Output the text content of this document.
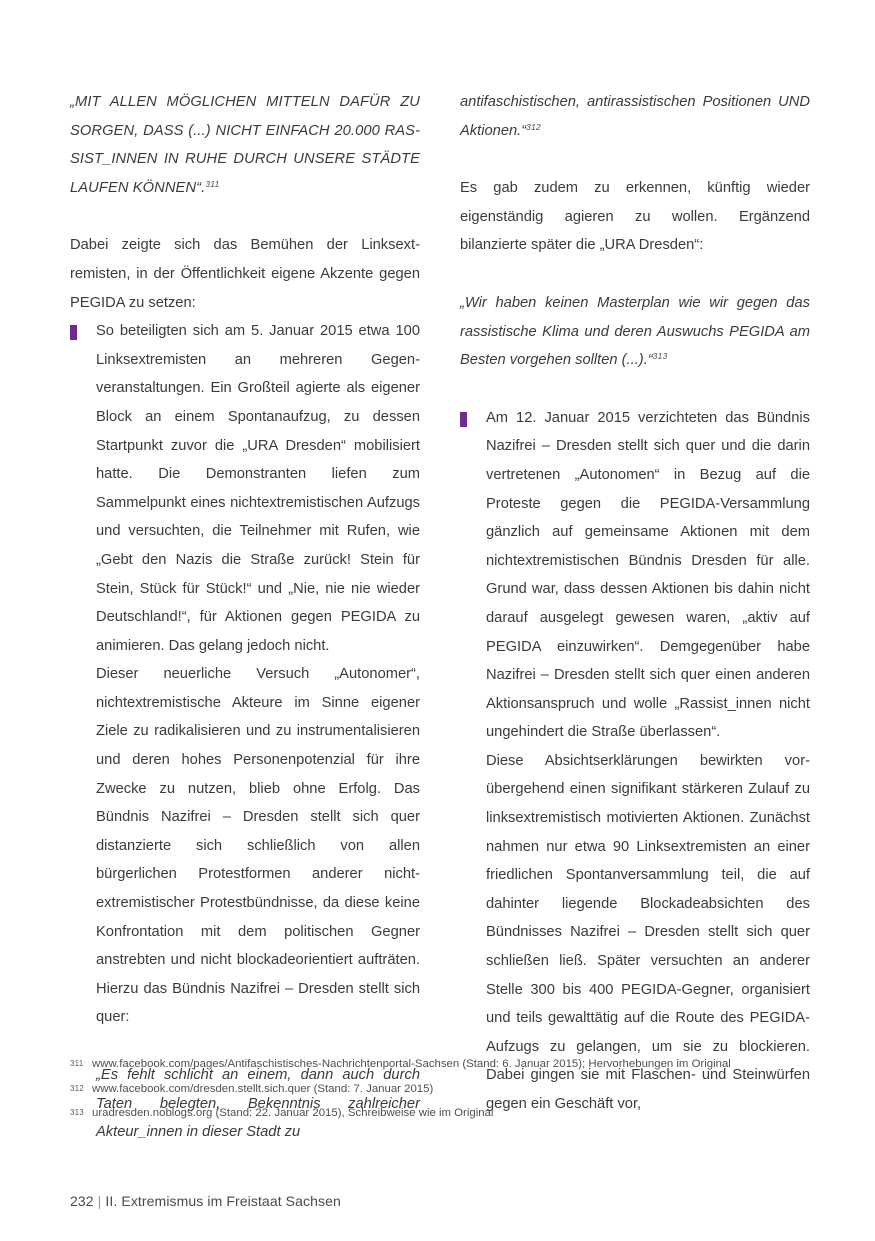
„MIT ALLEN MÖGLICHEN MITTELN DAFÜR ZU SORGEN, DASS (...) NICHT EINFACH 20.000 RASSIST_INNEN IN RUHE DURCH UNSERE STÄDTE LAUFEN KÖNNEN“.$^{311}$

Dabei zeigte sich das Bemühen der Linksextremisten, in der Öffentlichkeit eigene Akzente gegen PEGIDA zu setzen:

So beteiligten sich am 5. Januar 2015 etwa 100 Linksextremisten an mehreren Gegenveranstaltungen. Ein Großteil agierte als eigener Block an einem Spontanaufzug, zu dessen Startpunkt zuvor die „URA Dresden“ mobilisiert hatte. Die Demonstranten liefen zum Sammelpunkt eines nichtextremistischen Aufzugs und versuchten, die Teilnehmer mit Rufen, wie „Gebt den Nazis die Straße zurück! Stein für Stein, Stück für Stück!“ und „Nie, nie nie wieder Deutschland!“, für Aktionen gegen PEGIDA zu animieren. Das gelang jedoch nicht.

Dieser neuerliche Versuch „Autonomer“, nichtextremistische Akteure im Sinne eigener Ziele zu radikalisieren und zu instrumentalisieren und deren hohes Personenpotenzial für ihre Zwecke zu nutzen, blieb ohne Erfolg. Das Bündnis Nazifrei – Dresden stellt sich quer distanzierte sich schließlich von allen bürgerlichen Protestformen anderer nichtextremistischer Protestbündnisse, da diese keine Konfrontation mit dem politischen Gegner anstrebten und nicht blockadeorientiert aufträten. Hierzu das Bündnis Nazifrei – Dresden stellt sich quer:

„Es fehlt schlicht an einem, dann auch durch Taten belegten, Bekenntnis zahlreicher Akteur_innen in dieser Stadt zu

antifaschistischen, antirassistischen Positionen UND Aktionen.“$^{312}$

Es gab zudem zu erkennen, künftig wieder eigenständig agieren zu wollen. Ergänzend bilanzierte später die „URA Dresden“:

„Wir haben keinen Masterplan wie wir gegen das rassistische Klima und deren Auswuchs PEGIDA am Besten vorgehen sollten (...).“$^{313}$

Am 12. Januar 2015 verzichteten das Bündnis Nazifrei – Dresden stellt sich quer und die darin vertretenen „Autonomen“ in Bezug auf die Proteste gegen die PEGIDA-Versammlung gänzlich auf gemeinsame Aktionen mit dem nichtextremistischen Bündnis Dresden für alle. Grund war, dass dessen Aktionen bis dahin nicht darauf ausgelegt gewesen waren, „aktiv auf PEGIDA einzuwirken“. Demgegenüber habe Nazifrei – Dresden stellt sich quer einen anderen Aktionsanspruch und wolle „Rassist_innen nicht ungehindert die Straße überlassen“.

Diese Absichtserklärungen bewirkten vorübergehend einen signifikant stärkeren Zulauf zu linksextremistisch motivierten Aktionen. Zunächst nahmen nur etwa 90 Linksextremisten an einer friedlichen Spontanversammlung teil, die auf dahinter liegende Blockadeabsichten des Bündnisses Nazifrei – Dresden stellt sich quer schließen ließ. Später versuchten an anderer Stelle 300 bis 400 PEGIDA-Gegner, organisiert und teils gewalttätig auf die Route des PEGIDA-Aufzugs zu gelangen, um sie zu blockieren. Dabei gingen sie mit Flaschen- und Steinwürfen gegen ein Geschäft vor,

311 www.facebook.com/pages/Antifaschistisches-Nachrichtenportal-Sachsen (Stand: 6. Januar 2015); Hervorhebungen im Original
312 www.facebook.com/dresden.stellt.sich.quer (Stand: 7. Januar 2015)
313 uradresden.noblogs.org (Stand: 22. Januar 2015), Schreibweise wie im Original
232 | II. Extremismus im Freistaat Sachsen
